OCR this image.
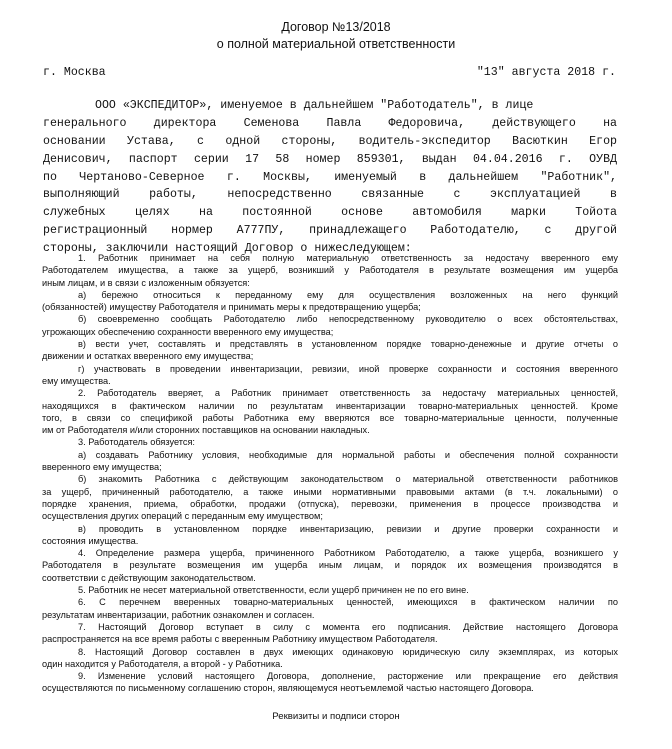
Договор №13/2018
о полной материальной ответственности
г. Москва	"13" августа 2018 г.
ООО «ЭКСПЕДИТОР», именуемое в дальнейшем "Работодатель", в лице
генерального директора Семенова Павла Федоровича, действующего на
основании Устава, с одной стороны, водитель-экспедитор Васюткин Егор
Денисович, паспорт серии 17 58 номер 859301, выдан 04.04.2016 г. ОУВД
по Чертаново-Северное г. Москвы, именуемый в дальнейшем "Работник",
выполняющий работы, непосредственно связанные с эксплуатацией в
служебных целях на постоянной основе автомобиля марки Тойота
регистрационный нормер А777ПУ, принадлежащего Работодателю, с другой
стороны, заключили настоящий Договор о нижеследующем:
1. Работник принимает на себя полную материальную ответственность за недостачу вверенного ему
Работодателем имущества, а также за ущерб, возникший у Работодателя в результате возмещения им ущерба
иным лицам, и в связи с изложенным обязуется:
а) бережно относиться к переданному ему для осуществления возложенных на него функций
(обязанностей) имуществу Работодателя и принимать меры к предотвращению ущерба;
б) своевременно сообщать Работодателю либо непосредственному руководителю о всех обстоятельствах,
угрожающих обеспечению сохранности вверенного ему имущества;
в) вести учет, составлять и представлять в установленном порядке товарно-денежные и другие отчеты о
движении и остатках вверенного ему имущества;
г) участвовать в проведении инвентаризации, ревизии, иной проверке сохранности и состояния вверенного
ему имущества.
2. Работодатель вверяет, а Работник принимает ответственность за недостачу материальных ценностей,
находящихся в фактическом наличии по результатам инвентаризации товарно-материальных ценностей. Кроме
того, в связи со спецификой работы Работника ему вверяются все товарно-материальные ценности, полученные
им от Работодателя и/или сторонних поставщиков на основании накладных.
3. Работодатель обязуется:
а) создавать Работнику условия, необходимые для нормальной работы и обеспечения полной сохранности
вверенного ему имущества;
б) знакомить Работника с действующим законодательством о материальной ответственности работников
за ущерб, причиненный работодателю, а также иными нормативными правовыми актами (в т.ч. локальными) о
порядке хранения, приема, обработки, продажи (отпуска), перевозки, применения в процессе производства и
осуществления других операций с переданным ему имуществом;
в) проводить в установленном порядке инвентаризацию, ревизии и другие проверки сохранности и
состояния имущества.
4. Определение размера ущерба, причиненного Работником Работодателю, а также ущерба, возникшего у
Работодателя в результате возмещения им ущерба иным лицам, и порядок их возмещения производятся в
соответствии с действующим законодательством.
5. Работник не несет материальной ответственности, если ущерб причинен не по его вине.
6. С перечнем вверенных товарно-материальных ценностей, имеющихся в фактическом наличии по
результатам инвентаризации, работник ознакомлен и согласен.
7. Настоящий Договор вступает в силу с момента его подписания. Действие настоящего Договора
распространяется на все время работы с вверенным Работнику имуществом Работодателя.
8. Настоящий Договор составлен в двух имеющих одинаковую юридическую силу экземплярах, из которых
один находится у Работодателя, а второй - у Работника.
9. Изменение условий настоящего Договора, дополнение, расторжение или прекращение его действия
осуществляются по письменному соглашению сторон, являющемуся неотъемлемой частью настоящего Договора.
Реквизиты и подписи сторон
